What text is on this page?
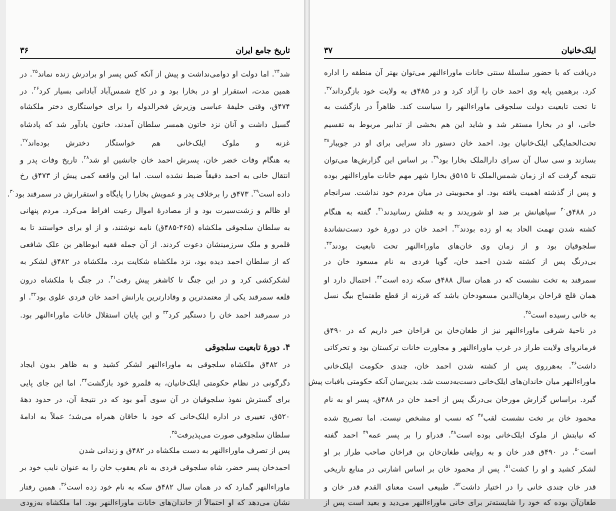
۳۶	تاریخ جامع ایران
شد$^{۲۴}$. اما دولت او دوامی‌نداشت و پیش از آنکه کس پسر او برادرش زنده نماند$^{۲۵}$. در
همین مدت، استقرار او در بخارا بود و در کاخ شمس‌آباد آبادانی بسیار کرد$^{۲۶}$. در
۴۷۴ق، وقتی خلیفهٔ عباسی وزیرش فخرالدوله را برای خواستگاری دختر ملکشاه
گسیل داشت و آنان نزد خاتون همسر سلطان آمدند، خاتون یادآور شد که پادشاه
غزنه و ملوک ایلک‌خانی هم خواستگار دخترش بوده‌اند$^{۲۷}$.
به هنگام وفات خضر خان، پسرش احمد خان جانشین او شد$^{۲۸}$. تاریخ وفات پدر و
انتقال خانی به احمد دقیقاً ضبط نشده است. اما این واقعه کمی پیش از ۴۷۳ق رخ
داده است$^{۲۹}$. ۴۷۳ق را برخلاف پدر و عمویش بخارا را پایگاه و استقرارش در سمرقند بود$^{۳۰}$.
او ظالم و زشت‌سیرت بود و از مصادرهٔ اموال رعیت افراط می‌کرد. مردم پنهانی
به سلطان سلجوقی ملکشاه (۴۶۵-۴۸۵ق) نامه نوشتند، و از او برای خواستند تا به
قلمرو و ملک سرزمینشان دعوت کردند. از آن جمله فقیه ابوطاهر بن علک شافعی
که از سلطان احمد دیده بود، نزد ملکشاه شکایت برد. ملکشاه در ۴۸۲ق لشکر به
لشکرکشی کرد و در این جنگ تا کاشغر پیش رفت$^{۳۱}$. در جنگ با ملکشاه درون
قلعه سمرقند یکی از معتمدترین و وفادارترین یارانش احمد خان فردی علوی بود$^{۳۲}$. او
در سمرقند احمد خان را دستگیر کرد$^{۳۳}$ و این پایان استقلال خانات ماوراءالنهر بود.
۴. دورهٔ تابعیت سلجوقی
در ۴۸۲ق ملکشاه سلجوقی به ماوراءالنهر لشکر کشید و به ظاهر بدون ایجاد
دگرگونی در نظام حکومتی ایلک‌خانیان، به قلمرو خود بازگشت$^{۳۴}$. اما این جای پایی
برای گسترش نفوذ سلجوقیان در آن سوی آمو بود که در نتیجهٔ آن، در حدود دههٔ
۵۲۰ق، تغییری در اداره ایلک‌خانی که خود با خاقان همراه می‌شد؛ عملاً به ادامهٔ
سلطان سلجوقی صورت می‌پذیرفت$^{۳۵}$.
پس از تصرف ماوراءالنهر به دست ملکشاه در ۴۸۲ق و زندانی شدن
احمدخان پسر خضر، شاه سلجوقی فردی به نام یعقوب خان را به عنوان نایب خود بر
ماوراءالنهر گمارد که در همان سال ۴۸۲ق سکه به نام خود زده است$^{۳۶}$. همین رفتار
نشان می‌دهد که او احتمالاً از خاندان‌های خانات ماوراءالنهر بود. اما ملکشاه به‌زودی
۳۷	ایلک‌خانیان
دریافت که با حضور سلسلهٔ سنتی خانات ماوراءالنهر می‌توان بهتر آن منطقه را اداره
کرد. برهمین پایه وی احمد خان را آزاد کرد و در ۴۸۵ق به ولایت خود بازگرداند$^{۳۷}$.
تا تحت تابعیت دولت سلجوقی ماوراءالنهر را سیاست کند. ظاهراً در بازگشت به
خانی، او در بخارا مستقر شد و شاید این هم بخشی از تدابیر مربوط به تقسیم
تحت‌الحمایگی ایلک‌خانیان بود. احمد خان دستور داد سرایی برای او در جویبار$^{۳۸}$
بسازند و سی سال آن سرای دارالملک بخارا بود$^{۳۹}$. بر اساس این گزارش‌ها می‌توان
نتیجه گرفت که از زمان شمس‌الملک تا ۵۱۵ق بخارا شهر مهم خانات ماوراءالنهر بوده
و پس از گذشته اهمیت یافته بود. او محبوبیتی در میان مردم خود نداشت. سرانجام
در ۴۸۸ق$^{۴۰}$ سپاهیانش بر ضد او شوریدند و به قتلش رسانیدند$^{۴۱}$. گفته به هنگام
کشته شدن تهمت الحاد به او زده بودند$^{۴۲}$. احمد خان در دورهٔ خود دست‌نشاندهٔ
سلجوقیان بود و از زمان وی خان‌های ماوراءالنهر تحت تابعیت بودند$^{۴۳}$.
بی‌درنگ پس از کشته شدن احمد خان، گویا فردی به نام مسعود خان در
سمرقند به تخت نشست که در همان سال ۴۸۸ق سکه زده است$^{۴۴}$. احتمال دارد او
همان قلچ قراخان برهان‌الدین مسعودخان باشد که قرزنه از قطع طفتماج بیگ نسل
به خانی رسیده است$^{۴۵}$.
در ناحیهٔ شرقی ماوراءالنهر نیز از طغان‌خان بن قراخان خبر داریم که در ۴۹۰ق
فرمانروای ولایت طراز در غرب ماوراءالنهر و مجاورت خانات ترکستان بود و تحرکاتی
داشت$^{۴۶}$. به‌هرروی پس از کشته شدن احمد خان، چندی حکومت ایلک‌خانی
ماوراءالنهر میان خاندان‌های ایلک‌خانی دست‌به‌دست شد. بدین‌سان آنکه حکومتی بافبات پیش
گیرد. براساس گزارش مورخان بی‌درنگ پس از احمد خان در ۴۸۸ق، پسر او به نام
محمود خان بر تخت نشست لقب$^{۴۷}$ که نسب او مشخص نیست. اما تصریح شده
که نیابتش از ملوک ایلک‌خانی بوده است$^{۴۸}$. قدراو را بر پسر عمه$^{۴۹}$ احمد گفته
است$^{۵۰}$. در ۴۹۰ق قدر خان و به روایتی طغان‌خان بن قراخان صاحب طراز بر او
لشکر کشید و او را کشت$^{۵۱}$. پس از محمود خان بر اساس اشارتی در منابع تاریخی
قدر خان چندی خانی را در اختیار داشت$^{۵۲}$. طبیعی است معنای القدم قدر خان و
طغان‌آن بوده که خود را شایسته‌تر برای خانی ماوراءالنهر می‌دید و بعید است پس از
